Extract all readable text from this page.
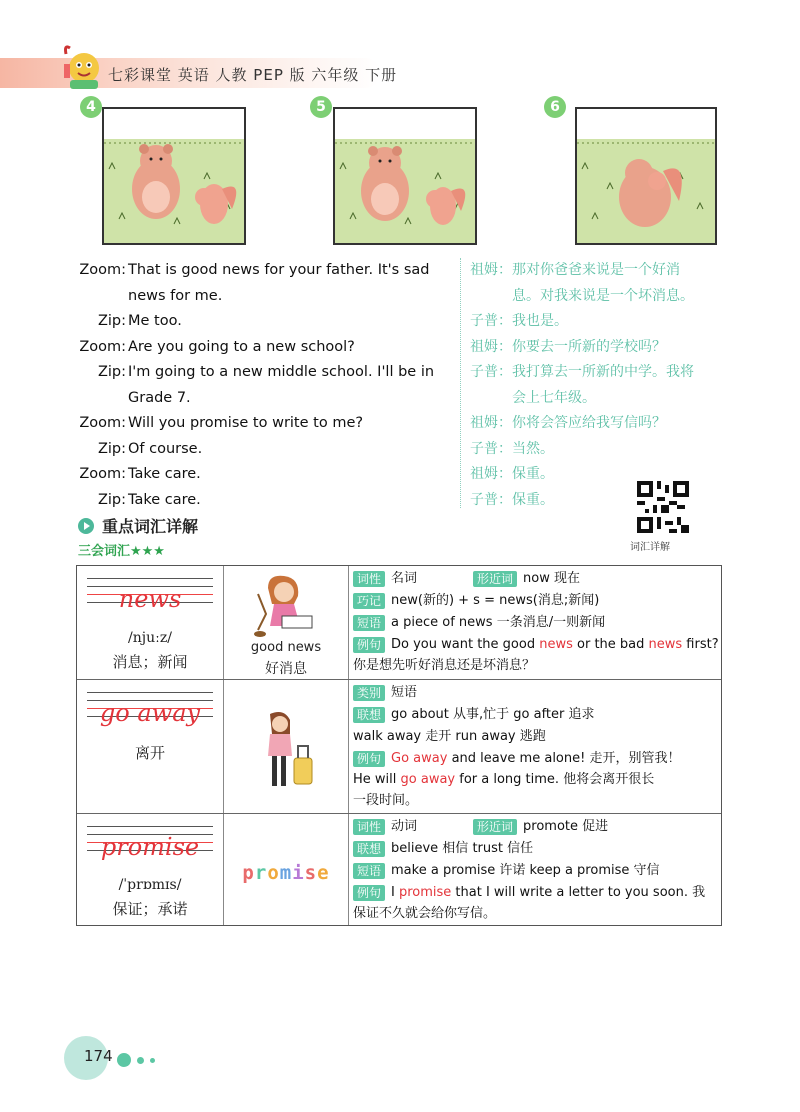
七彩课堂 英语 人教 PEP 版 六年级 下册
4	5	6
Zoom: That is good news for your father. It's sad
news for me.
Zip: Me too.
Zoom: Are you going to a new school?
Zip: I'm going to a new middle school. I'll be in
Grade 7.
Zoom: Will you promise to write to me?
Zip: Of course.
Zoom: Take care.
Zip: Take care.
祖姆：那对你爸爸来说是一个好消
息。对我来说是一个坏消息。
子普：我也是。
祖姆：你要去一所新的学校吗？
子普：我打算去一所新的中学。我将
会上七年级。
祖姆：你将会答应给我写信吗？
子普：当然。
祖姆：保重。
子普：保重。
词汇详解
重点词汇详解
三会词汇★★★
news
/njuːz/
消息；新闻
good news
好消息
词性 名词	形近词 now 现在
巧记 new(新的) + s = news(消息;新闻)
短语 a piece of news 一条消息/一则新闻
例句 Do you want the good news or the bad news first?
你是想先听好消息还是坏消息？
go away
离开
类别 短语
联想 go about 从事,忙于 go after 追求
walk away 走开 run away 逃跑
例句 Go away and leave me alone! 走开，别管我！
He will go away for a long time. 他将会离开很长
一段时间。
promise
/ˈprɒmɪs/
保证；承诺
promise
词性 动词	形近词 promote 促进
联想 believe 相信 trust 信任
短语 make a promise 许诺 keep a promise 守信
例句 I promise that I will write a letter to you soon. 我
保证不久就会给你写信。
174
